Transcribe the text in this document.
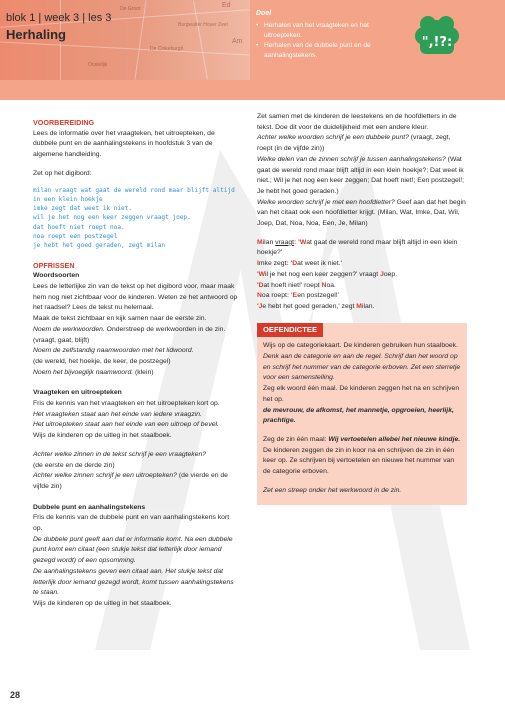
Burgwalter Hoyer Zeel
Am
De Groot
De Cinkeburgh
Oostelijk
Ed
blok 1 | week 3 | les 3
Herhaling
Doel
• Herhalen van het vraagteken en het uitroepteken.
• Herhalen van de dubbele punt en de aanhalingstekens.
",!?:
VOORBEREIDING
Lees de informatie over het vraagteken, het uitroepteken, de dubbele punt en de aanhalingstekens in hoofdstuk 3 van de algemene handleiding.
Zet op het digibord:
milan vraagt wat gaat de wereld rond maar blijft altijd
in een klein hoekje
imke zegt dat weet ik niet.
wil je het nog een keer zeggen vraagt joep.
dat hoeft niet roept noa.
noa roept een postzegel
je hebt het goed geraden, zegt milan
OPFRISSEN
Woordsoorten
Lees de letterlijke zin van de tekst op het digibord voor, maar maak hem nog niet zichtbaar voor de kinderen. Weten ze het antwoord op het raadsel? Lees de tekst nu helemaal.
Maak de tekst zichtbaar en kijk samen naar de eerste zin.
Noem de werkwoorden. Onderstreep de werkwoorden in de zin. (vraagt, gaat, blijft)
Noem de zelfstandig naamwoorden met het lidwoord.
(de wereld, het hoekje, de keer, de postzegel)
Noem het bijvoeglijk naamwoord. (klein)
Vraagteken en uitroepteken
Fris de kennis van het vraagteken en het uitroepteken kort op.
Het vraagteken staat aan het einde van iedere vraagzin.
Het uitroepteken staat aan het einde van een uitroep of bevel.
Wijs de kinderen op de uitleg in het staalboek.
Achter welke zinnen in de tekst schrijf je een vraagteken?
(de eerste en de derde zin)
Achter welke zinnen schrijf je een uitroepteken? (de vierde en de vijfde zin)
Dubbele punt en aanhalingstekens
Fris de kennis van de dubbele punt en van aanhalingstekens kort op.
De dubbele punt geeft aan dat er informatie komt. Na een dubbele punt komt een citaat (een stukje tekst dat letterlijk door iemand gezegd wordt) of een opsomming.
De aanhalingstekens geven een citaat aan. Het stukje tekst dat letterlijk door iemand gezegd wordt, komt tussen aanhalingstekens te staan.
Wijs de kinderen op de uitleg in het staalboek.
Zet samen met de kinderen de leestekens en de hoofdletters in de tekst. Doe dit voor de duidelijkheid met een andere kleur.
Achter welke woorden schrijf je een dubbele punt? (vraagt, zegt, roept (in de vijfde zin))
Welke delen van de zinnen schrijf je tussen aanhalingstekens? (Wat gaat de wereld rond maar blijft altijd in een klein hoekje?; Dat weet ik niet.; Wil je het nog een keer zeggen; Dat hoeft niet!; Een postzegel!; Je hebt het goed geraden.)
Welke woorden schrijf je met een hoofdletter? Geef aan dat het begin van het citaat ook een hoofdletter krijgt. (Milan, Wat, Imke, Dat, Wil, Joep, Dat, Noa, Noa, Een, Je, Milan)
Milan vraagt: 'Wat gaat de wereld rond maar blijft altijd in een klein hoekje?'
Imke zegt: 'Dat weet ik niet.'
'Wil je het nog een keer zeggen?' vraagt Joep.
'Dat hoeft niet!' roept Noa.
Noa roept: 'Een postzegel!'
'Je hebt het goed geraden,' zegt Milan.
OEFENDICTEE
Wijs op de categoriekaart. De kinderen gebruiken hun staalboek.
Denk aan de categorie en aan de regel. Schrijf dan het woord op en schrijf het nummer van de categorie erboven. Zet een sterretje voor een samenstelling.
Zeg elk woord één maal. De kinderen zeggen het na en schrijven het op.
de mevrouw, de afkomst, het mannetje, opgroeien, heerlijk, prachtige.
Zeg de zin één maal: Wij vertoetelen allebei het nieuwe kindje.
De kinderen zeggen de zin in koor na en schrijven de zin in één keer op. Ze schrijven bij vertoetelen en nieuwe het nummer van de categorie erboven.
Zet een streep onder het werkwoord in de zin.
28
